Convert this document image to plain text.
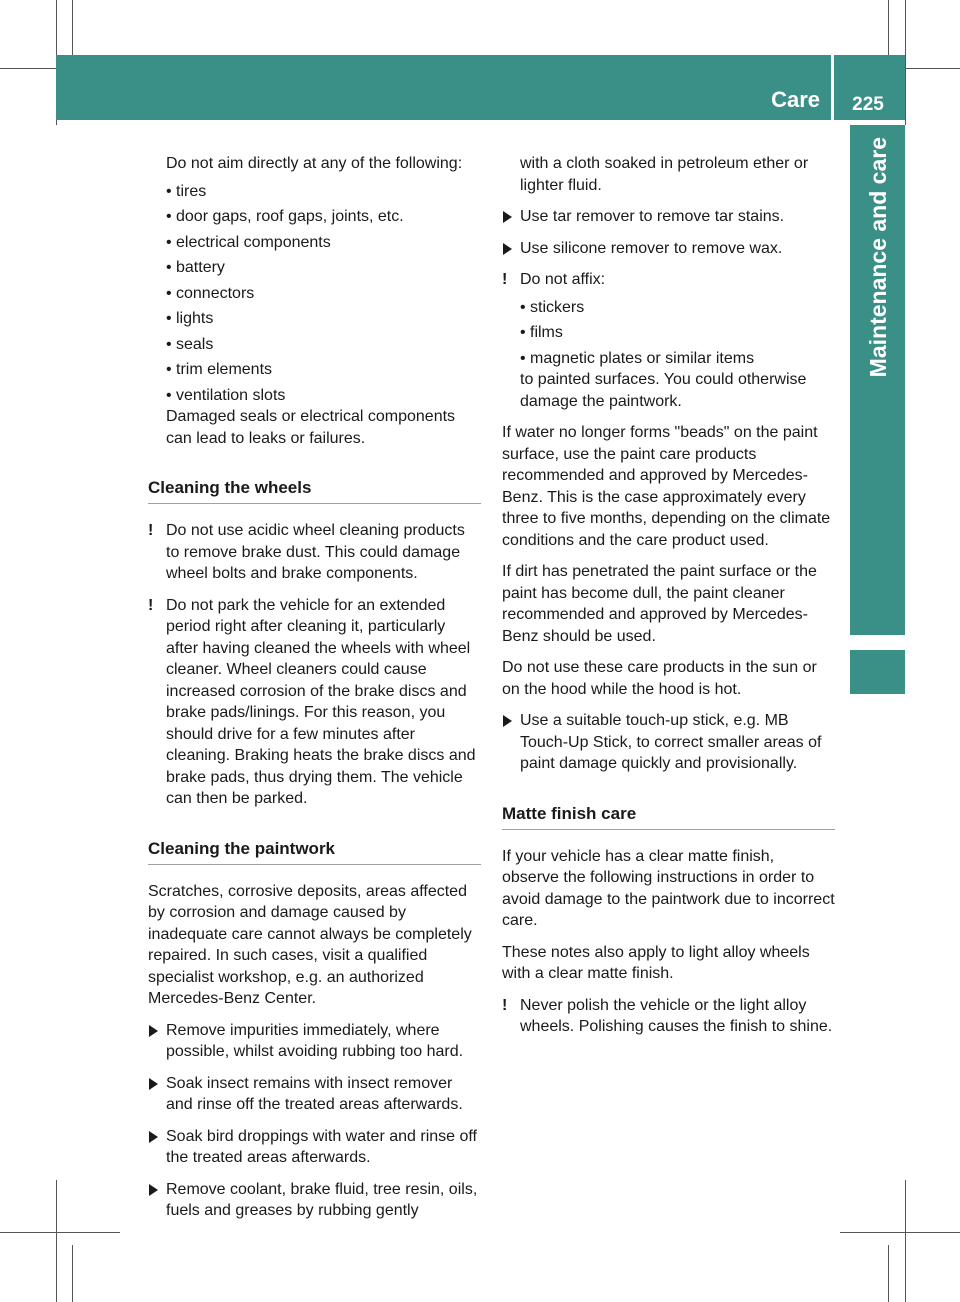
Care	225
Maintenance and care

Do not aim directly at any of the following:

• tires
• door gaps, roof gaps, joints, etc.
• electrical components
• battery
• connectors
• lights
• seals
• trim elements
• ventilation slots

Damaged seals or electrical components can lead to leaks or failures.

Cleaning the wheels
! Do not use acidic wheel cleaning products to remove brake dust. This could damage wheel bolts and brake components.
! Do not park the vehicle for an extended period right after cleaning it, particularly after having cleaned the wheels with wheel cleaner. Wheel cleaners could cause increased corrosion of the brake discs and brake pads/linings. For this reason, you should drive for a few minutes after cleaning. Braking heats the brake discs and brake pads, thus drying them. The vehicle can then be parked.
Cleaning the paintwork

Scratches, corrosive deposits, areas affected by corrosion and damage caused by inadequate care cannot always be completely repaired. In such cases, visit a qualified specialist workshop, e.g. an authorized Mercedes-Benz Center.

Remove impurities immediately, where possible, whilst avoiding rubbing too hard.
Soak insect remains with insect remover and rinse off the treated areas afterwards.
Soak bird droppings with water and rinse off the treated areas afterwards.
Remove coolant, brake fluid, tree resin, oils, fuels and greases by rubbing gently

with a cloth soaked in petroleum ether or lighter fluid.

Use tar remover to remove tar stains.
Use silicone remover to remove wax.
! Do not affix:
• stickers
• films
• magnetic plates or similar items

to painted surfaces. You could otherwise damage the paintwork.

If water no longer forms "beads" on the paint surface, use the paint care products recommended and approved by Mercedes-Benz. This is the case approximately every three to five months, depending on the climate conditions and the care product used.

If dirt has penetrated the paint surface or the paint has become dull, the paint cleaner recommended and approved by Mercedes-Benz should be used.

Do not use these care products in the sun or on the hood while the hood is hot.

Use a suitable touch-up stick, e.g. MB Touch-Up Stick, to correct smaller areas of paint damage quickly and provisionally.
Matte finish care

If your vehicle has a clear matte finish, observe the following instructions in order to avoid damage to the paintwork due to incorrect care.

These notes also apply to light alloy wheels with a clear matte finish.

! Never polish the vehicle or the light alloy wheels. Polishing causes the finish to shine.
